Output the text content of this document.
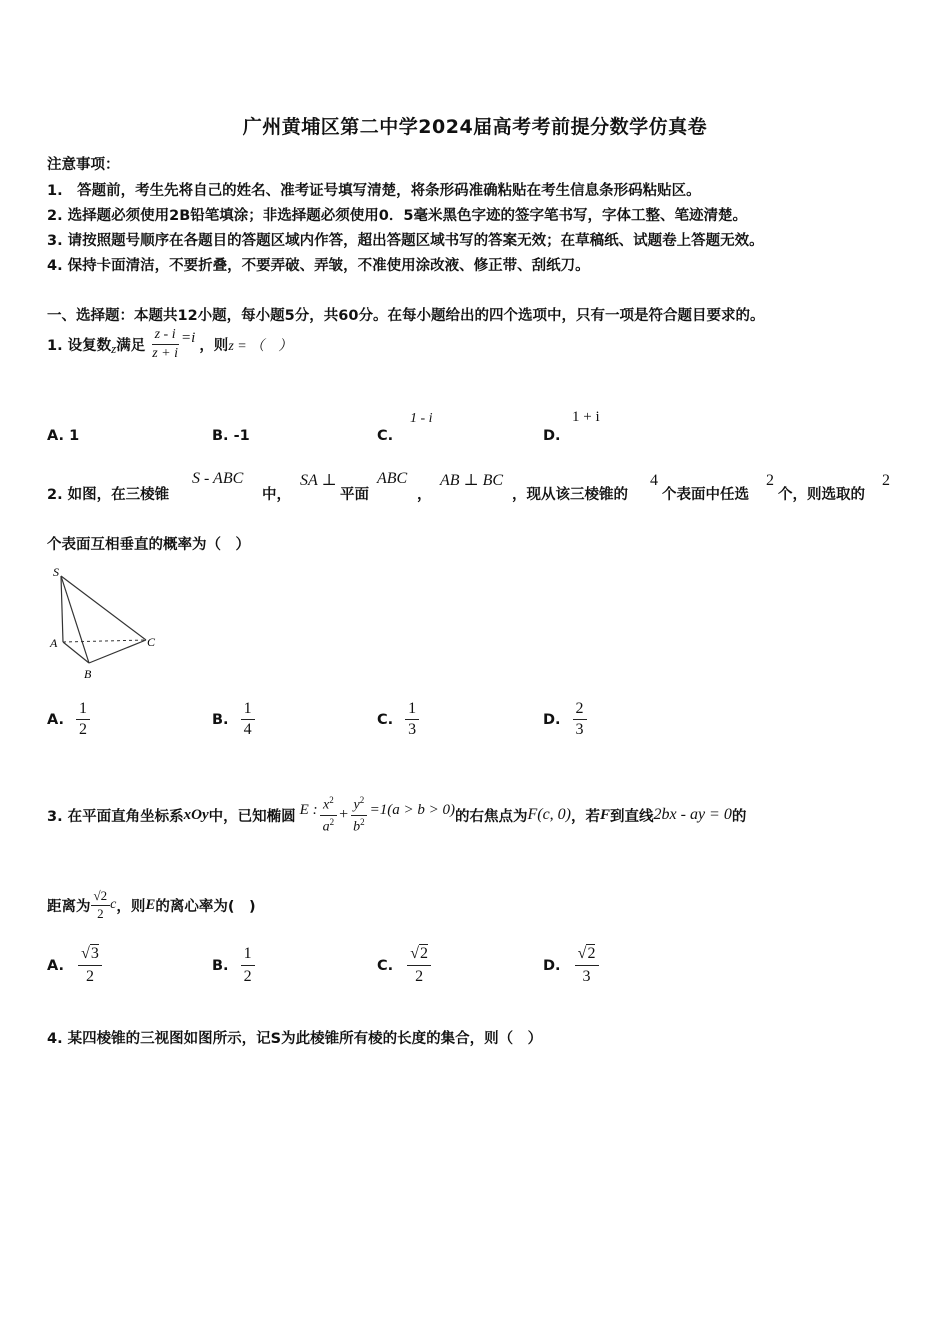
广州黄埔区第二中学2024届高考考前提分数学仿真卷
注意事项：
1.　答题前，考生先将自己的姓名、准考证号填写清楚，将条形码准确粘贴在考生信息条形码粘贴区。
2. 选择题必须使用2B铅笔填涂；非选择题必须使用0．5毫米黑色字迹的签字笔书写，字体工整、笔迹清楚。
3. 请按照题号顺序在各题目的答题区域内作答，超出答题区域书写的答案无效；在草稿纸、试题卷上答题无效。
4. 保持卡面清洁，不要折叠，不要弄破、弄皱，不准使用涂改液、修正带、刮纸刀。
一、选择题：本题共12小题，每小题5分，共60分。在每小题给出的四个选项中，只有一项是符合题目要求的。
1. 设复数 z 满足 $\frac{z - i}{z + i} =i$ ，则 z = （　）
A. 1	B. -1	C.
1 - i
D.
1 + i
2. 如图，在三棱锥
S - ABC
中，
SA ⊥
平面
ABC
，
AB ⊥ BC
，现从该三棱锥的
4
个表面中任选
2
个，则选取的
2
个表面互相垂直的概率为（　）
S
A
B
C
A. $\frac{1}{2}$	B. $\frac{1}{4}$	C. $\frac{1}{3}$	D. $\frac{2}{3}$
3. 在平面直角坐标系 xOy 中，已知椭圆 E : $\frac{x^2}{a^2} + \frac{y^2}{b^2} =1(a > b > 0)$ 的右焦点为 F(c, 0) ，若 F 到直线 2bx - ay = 0 的
距离为 $\frac{√2}{2}$ c ，则 E 的离心率为(　)
A. $\frac{√3}{2}$	B. $\frac{1}{2}$	C. $\frac{√2}{2}$	D. $\frac{√2}{3}$
4. 某四棱锥的三视图如图所示，记S为此棱锥所有棱的长度的集合，则（　）
